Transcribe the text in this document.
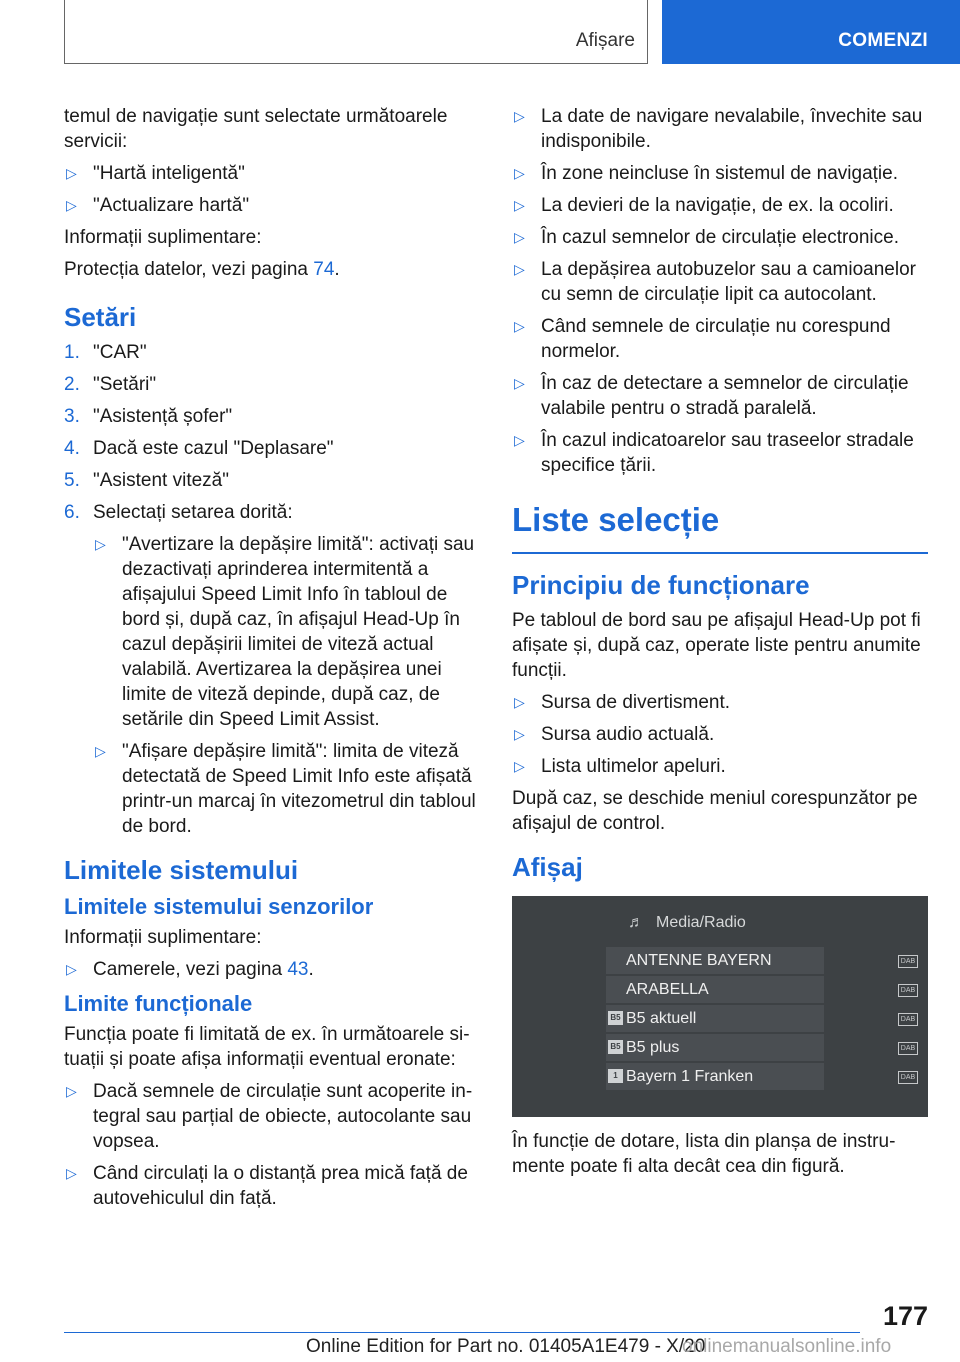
Afișare	COMENZI

temul de navigație sunt selectate următoarele servicii:

▷ "Hartă inteligentă"
▷ "Actualizare hartă"

Informații suplimentare:

Protecția datelor, vezi pagina 74.

Setări
1. "CAR"
2. "Setări"
3. "Asistență șofer"
4. Dacă este cazul "Deplasare"
5. "Asistent viteză"
6. Selectați setarea dorită:
▷ "Avertizare la depășire limită": activați sau dezactivați aprinderea intermitentă a afișajului Speed Limit Info în tabloul de bord și, după caz, în afișajul Head-Up în cazul depășirii limitei de viteză actual valabilă. Avertizarea la depășirea unei limite de viteză depinde, după caz, de setările din Speed Limit Assist.
▷ "Afișare depășire limită": limita de viteză detectată de Speed Limit Info este afișată printr-un marcaj în vitezometrul din tabloul de bord.
Limitele sistemului
Limitele sistemului senzorilor

Informații suplimentare:

▷ Camerele, vezi pagina 43.
Limite funcționale

Funcția poate fi limitată de ex. în următoarele situații și poate afișa informații eventual eronate:

▷ Dacă semnele de circulație sunt acoperite integral sau parțial de obiecte, autocolante sau vopsea.
▷ Când circulați la o distanță prea mică față de autovehiculul din față.
▷ La date de navigare nevalabile, învechite sau indisponibile.
▷ În zone neincluse în sistemul de navigație.
▷ La devieri de la navigație, de ex. la ocoliri.
▷ În cazul semnelor de circulație electronice.
▷ La depășirea autobuzelor sau a camioanelor cu semn de circulație lipit ca autocolant.
▷ Când semnele de circulație nu corespund normelor.
▷ În caz de detectare a semnelor de circulație valabile pentru o stradă paralelă.
▷ În cazul indicatoarelor sau traseelor stradale specifice țării.
Liste selecție
Principiu de funcționare

Pe tabloul de bord sau pe afișajul Head-Up pot fi afișate și, după caz, operate liste pentru anumite funcții.

▷ Sursa de divertisment.
▷ Sursa audio actuală.
▷ Lista ultimelor apeluri.

După caz, se deschide meniul corespunzător pe afișajul de control.

Afișaj
♬ Media/Radio
ANTENNE BAYERN	DAB
ARABELLA	DAB
B5 B5 aktuell	DAB
B5 B5 plus	DAB
1 Bayern 1 Franken	DAB

În funcție de dotare, lista din planșa de instrumente poate fi alta decât cea din figură.

177
Online Edition for Part no. 01405A1E479 - X/20
onlinemanualsonline.info
